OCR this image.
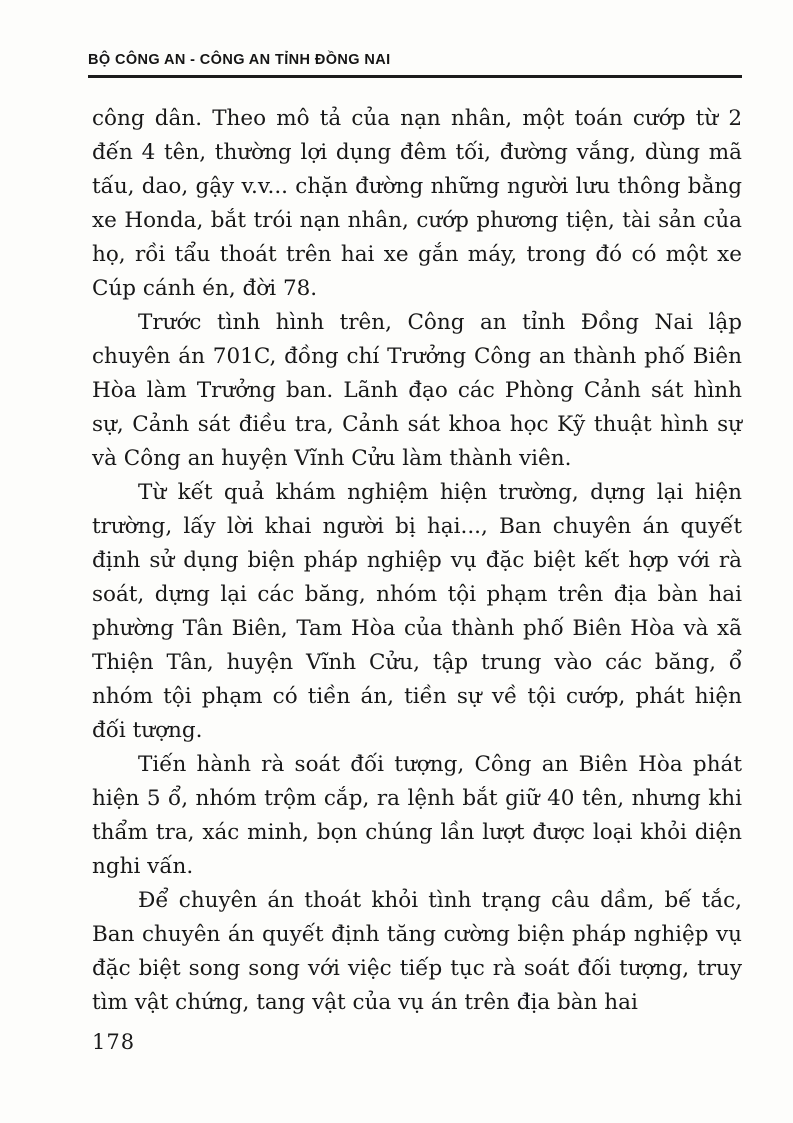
BỘ CÔNG AN - CÔNG AN TỈNH ĐỒNG NAI

công dân. Theo mô tả của nạn nhân, một toán cướp từ 2 đến 4 tên, thường lợi dụng đêm tối, đường vắng, dùng mã tấu, dao, gậy v.v... chặn đường những người lưu thông bằng xe Honda, bắt trói nạn nhân, cướp phương tiện, tài sản của họ, rồi tẩu thoát trên hai xe gắn máy, trong đó có một xe Cúp cánh én, đời 78.

Trước tình hình trên, Công an tỉnh Đồng Nai lập chuyên án 701C, đồng chí Trưởng Công an thành phố Biên Hòa làm Trưởng ban. Lãnh đạo các Phòng Cảnh sát hình sự, Cảnh sát điều tra, Cảnh sát khoa học Kỹ thuật hình sự và Công an huyện Vĩnh Cửu làm thành viên.

Từ kết quả khám nghiệm hiện trường, dựng lại hiện trường, lấy lời khai người bị hại..., Ban chuyên án quyết định sử dụng biện pháp nghiệp vụ đặc biệt kết hợp với rà soát, dựng lại các băng, nhóm tội phạm trên địa bàn hai phường Tân Biên, Tam Hòa của thành phố Biên Hòa và xã Thiện Tân, huyện Vĩnh Cửu, tập trung vào các băng, ổ nhóm tội phạm có tiền án, tiền sự về tội cướp, phát hiện đối tượng.

Tiến hành rà soát đối tượng, Công an Biên Hòa phát hiện 5 ổ, nhóm trộm cắp, ra lệnh bắt giữ 40 tên, nhưng khi thẩm tra, xác minh, bọn chúng lần lượt được loại khỏi diện nghi vấn.

Để chuyên án thoát khỏi tình trạng câu dầm, bế tắc, Ban chuyên án quyết định tăng cường biện pháp nghiệp vụ đặc biệt song song với việc tiếp tục rà soát đối tượng, truy tìm vật chứng, tang vật của vụ án trên địa bàn hai

178
